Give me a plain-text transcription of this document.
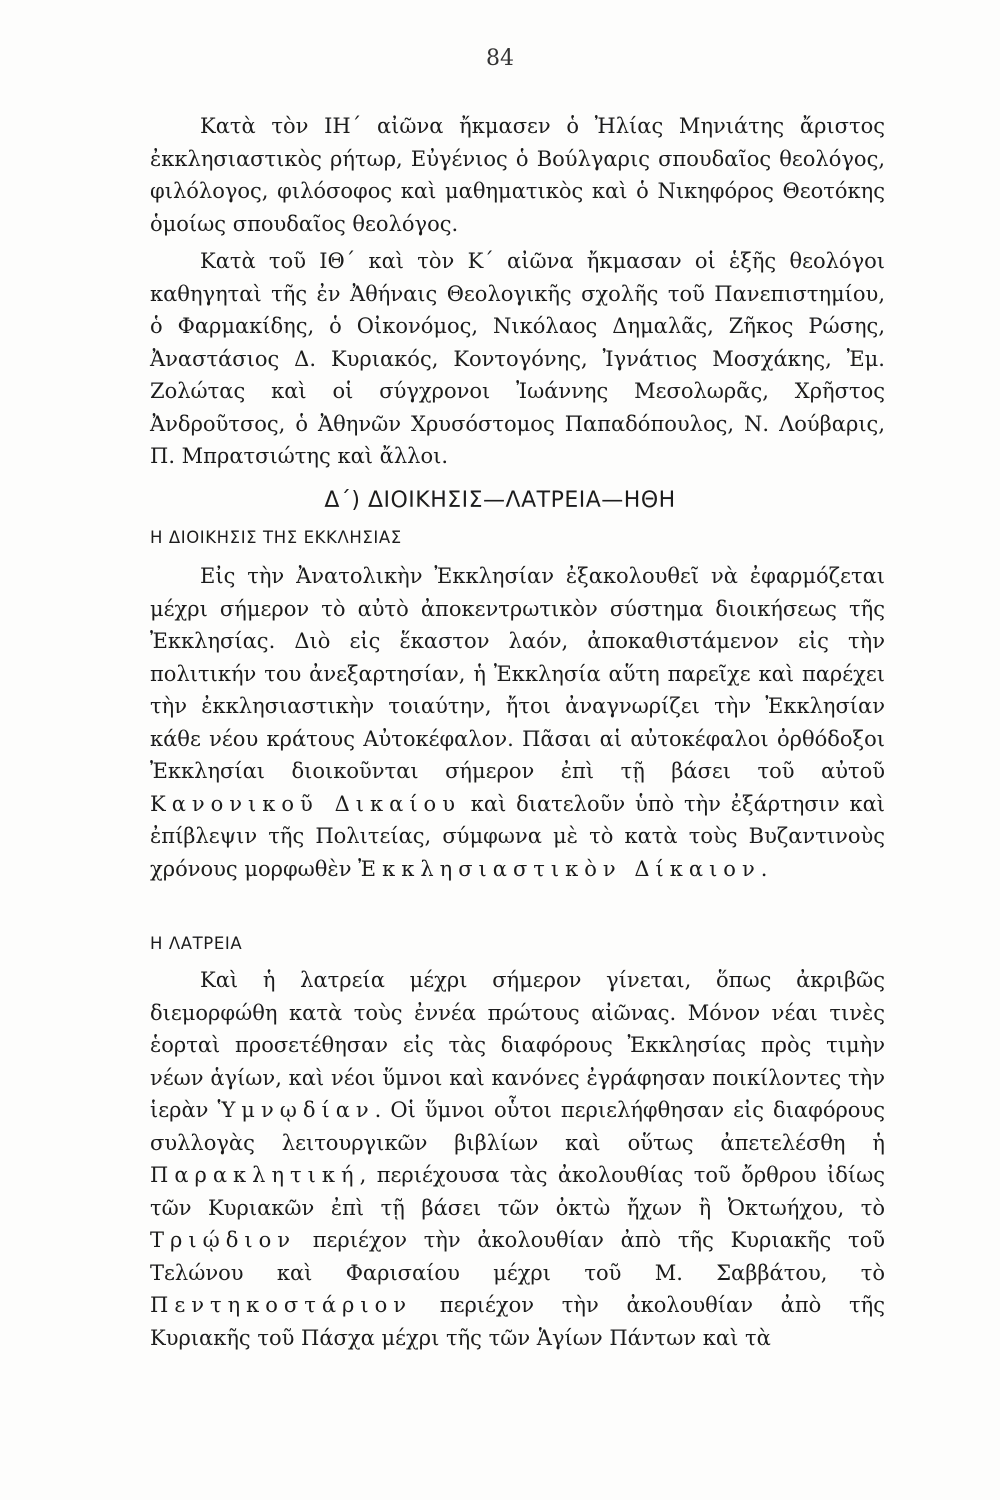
84

Κατὰ τὸν ΙΗ΄ αἰῶνα ἤκμασεν ὁ Ἠλίας Μηνιάτης ἄριστος ἐκκλησιαστικὸς ρήτωρ, Εὐγένιος ὁ Βούλγαρις σπουδαῖος θεολόγος, φιλόλογος, φιλόσοφος καὶ μαθηματικὸς καὶ ὁ Νικηφόρος Θεοτόκης ὁμοίως σπουδαῖος θεολόγος.

Κατὰ τοῦ ΙΘ΄ καὶ τὸν Κ΄ αἰῶνα ἤκμασαν οἱ ἑξῆς θεολόγοι καθηγηταὶ τῆς ἐν Ἀθήναις Θεολογικῆς σχολῆς τοῦ Πανεπιστημίου, ὁ Φαρμακίδης, ὁ Οἰκονόμος, Νικόλαος Δημαλᾶς, Ζῆκος Ρώσης, Ἀναστάσιος Δ. Κυριακός, Κοντογόνης, Ἰγνάτιος Μοσχάκης, Ἐμ. Ζολώτας καὶ οἱ σύγχρονοι Ἰωάννης Μεσολωρᾶς, Χρῆστος Ἀνδροῦτσος, ὁ Ἀθηνῶν Χρυσόστομος Παπαδόπουλος, Ν. Λούβαρις, Π. Μπρατσιώτης καὶ ἄλλοι.

Δ΄) ΔΙΟΙΚΗΣΙΣ—ΛΑΤΡΕΙΑ—ΗΘΗ
Η ΔΙΟΙΚΗΣΙΣ ΤΗΣ ΕΚΚΛΗΣΙΑΣ

Εἰς τὴν Ἀνατολικὴν Ἐκκλησίαν ἐξακολουθεῖ νὰ ἐφαρμόζεται μέχρι σήμερον τὸ αὐτὸ ἀποκεντρωτικὸν σύστημα διοικήσεως τῆς Ἐκκλησίας. Διὸ εἰς ἕκαστον λαόν, ἀποκαθιστάμενον εἰς τὴν πολιτικήν του ἀνεξαρτησίαν, ἡ Ἐκκλησία αὕτη παρεῖχε καὶ παρέχει τὴν ἐκκλησιαστικὴν τοιαύτην, ἤτοι ἀναγνωρίζει τὴν Ἐκκλησίαν κάθε νέου κράτους Αὐτοκέφαλον. Πᾶσαι αἱ αὐτοκέφαλοι ὀρθόδοξοι Ἐκκλησίαι διοικοῦνται σήμερον ἐπὶ τῇ βάσει τοῦ αὐτοῦ Κανονικοῦ Δικαίου καὶ διατελοῦν ὑπὸ τὴν ἐξάρτησιν καὶ ἐπίβλεψιν τῆς Πολιτείας, σύμφωνα μὲ τὸ κατὰ τοὺς Βυζαντινοὺς χρόνους μορφωθὲν Ἐκκλησιαστικὸν Δίκαιον.

Η ΛΑΤΡΕΙΑ

Καὶ ἡ λατρεία μέχρι σήμερον γίνεται, ὅπως ἀκριβῶς διεμορφώθη κατὰ τοὺς ἐννέα πρώτους αἰῶνας. Μόνον νέαι τινὲς ἑορταὶ προσετέθησαν εἰς τὰς διαφόρους Ἐκκλησίας πρὸς τιμὴν νέων ἁγίων, καὶ νέοι ὕμνοι καὶ κανόνες ἐγράφησαν ποικίλοντες τὴν ἱερὰν Ὑμνῳδίαν. Οἱ ὕμνοι οὗτοι περιελήφθησαν εἰς διαφόρους συλλογὰς λειτουργικῶν βιβλίων καὶ οὕτως ἀπετελέσθη ἡ Παρακλητική, περιέχουσα τὰς ἀκολουθίας τοῦ ὄρθρου ἰδίως τῶν Κυριακῶν ἐπὶ τῇ βάσει τῶν ὀκτὼ ἤχων ἢ Ὀκτωήχου, τὸ Τριῴδιον περιέχον τὴν ἀκολουθίαν ἀπὸ τῆς Κυριακῆς τοῦ Τελώνου καὶ Φαρισαίου μέχρι τοῦ Μ. Σαββάτου, τὸ Πεντηκοστάριον περιέχον τὴν ἀκολουθίαν ἀπὸ τῆς Κυριακῆς τοῦ Πάσχα μέχρι τῆς τῶν Ἁγίων Πάντων καὶ τὰ
